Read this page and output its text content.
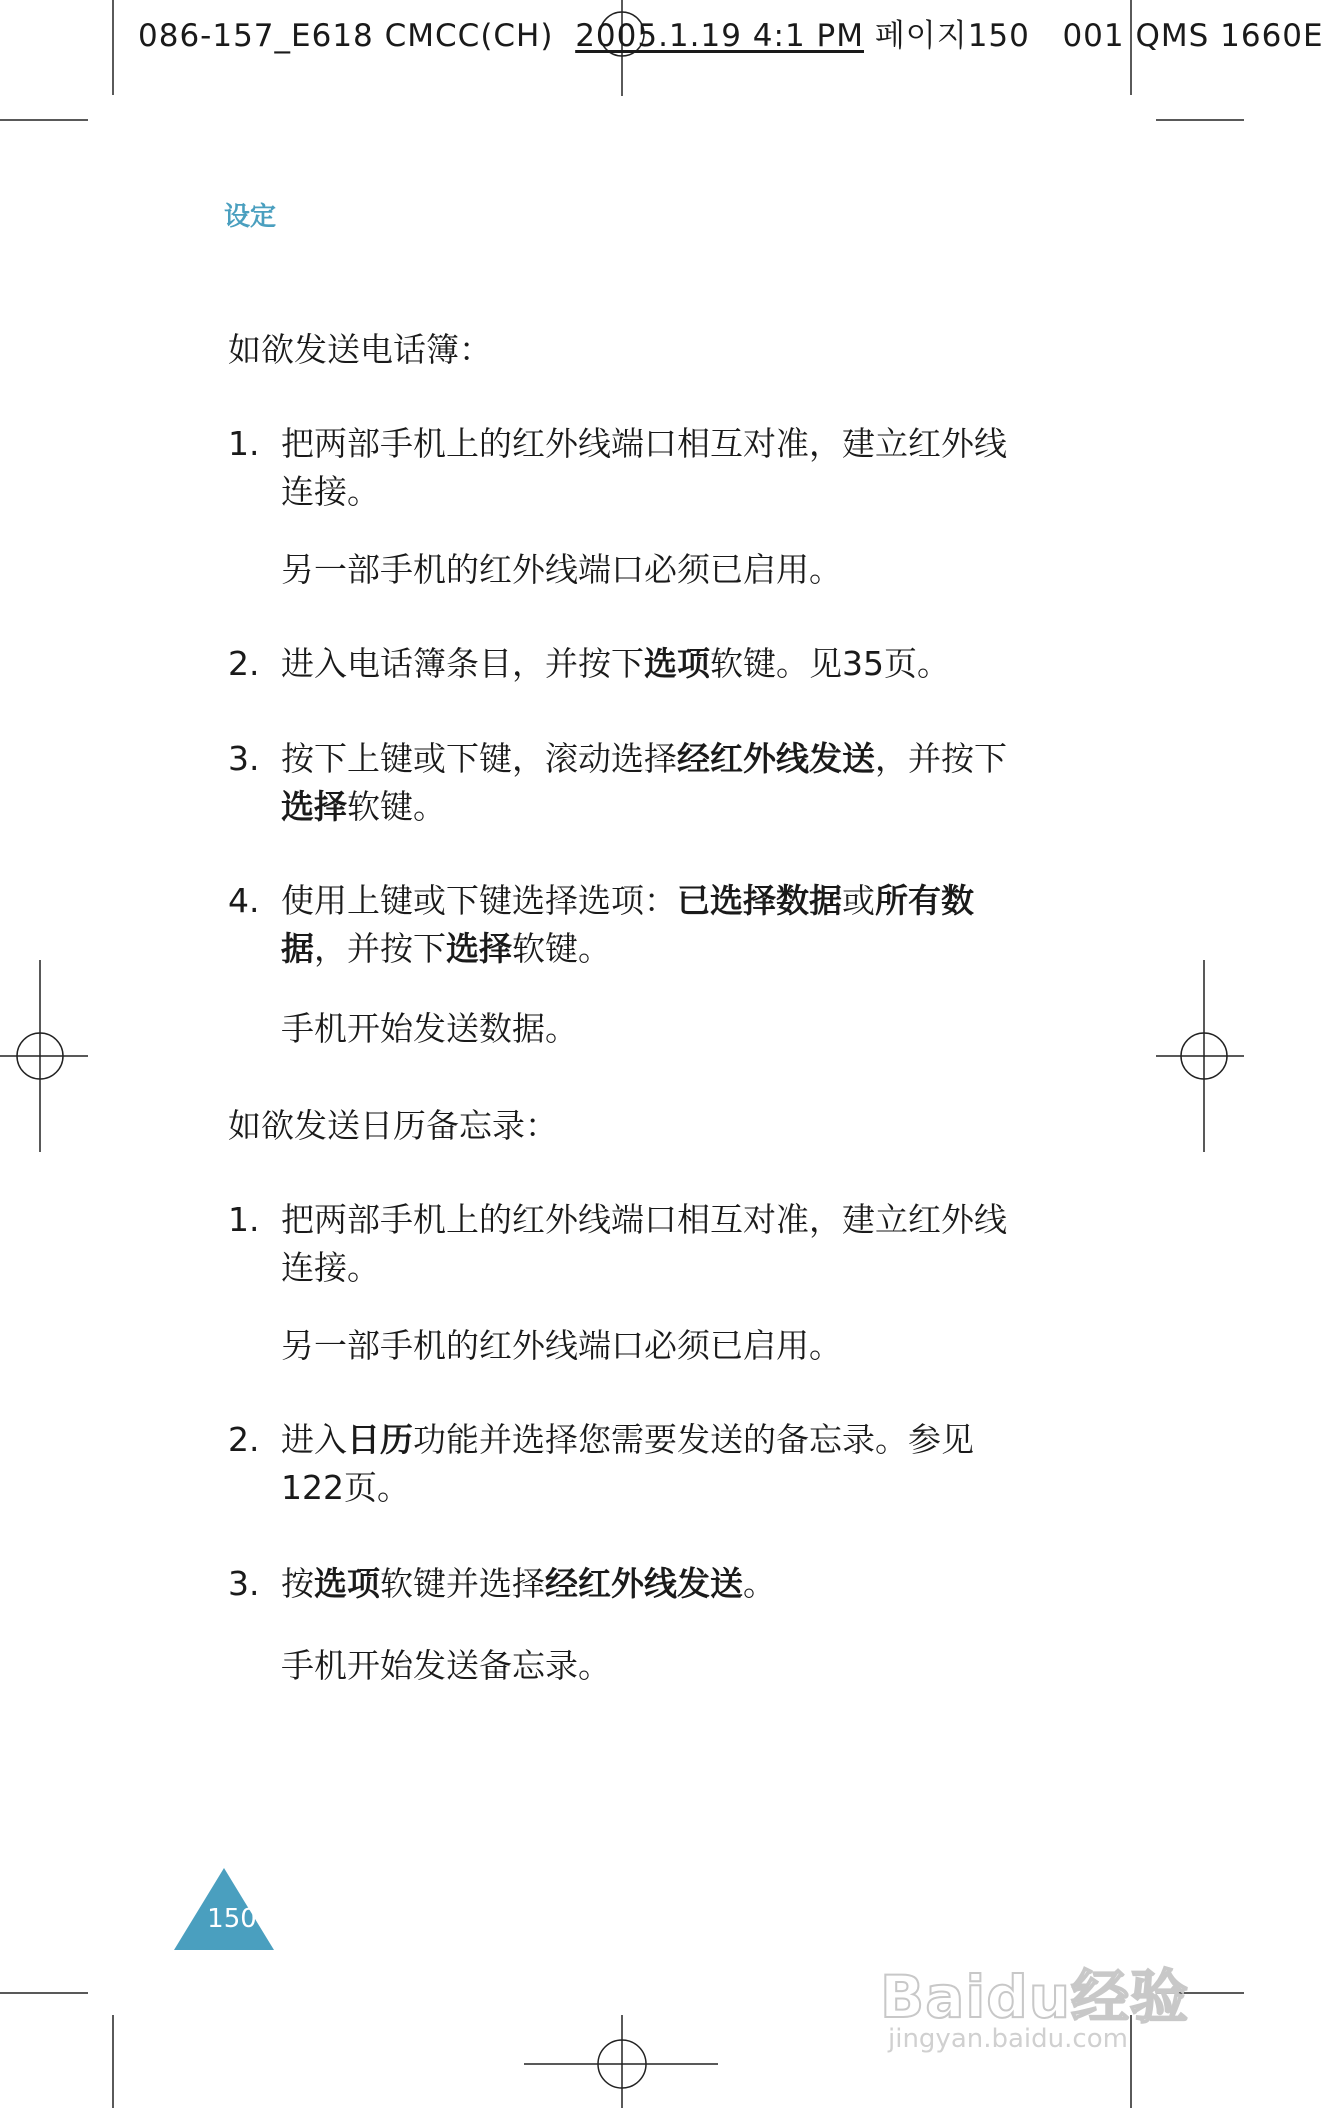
086-157_E618 CMCC(CH) 2005.1.19 4:1 PM 페이지150 001 QMS 1660E
设定
如欲发送电话簿：
1. 把两部手机上的红外线端口相互对准，建立红外线连接。
另一部手机的红外线端口必须已启用。
2. 进入电话簿条目，并按下选项软键。见35页。
3. 按下上键或下键，滚动选择经红外线发送，并按下选择软键。
4. 使用上键或下键选择选项：已选择数据或所有数据，并按下选择软键。
手机开始发送数据。
如欲发送日历备忘录：
1. 把两部手机上的红外线端口相互对准，建立红外线连接。
另一部手机的红外线端口必须已启用。
2. 进入日历功能并选择您需要发送的备忘录。参见122页。
3. 按选项软键并选择经红外线发送。
手机开始发送备忘录。
150
Baidu经验
jingyan.baidu.com
